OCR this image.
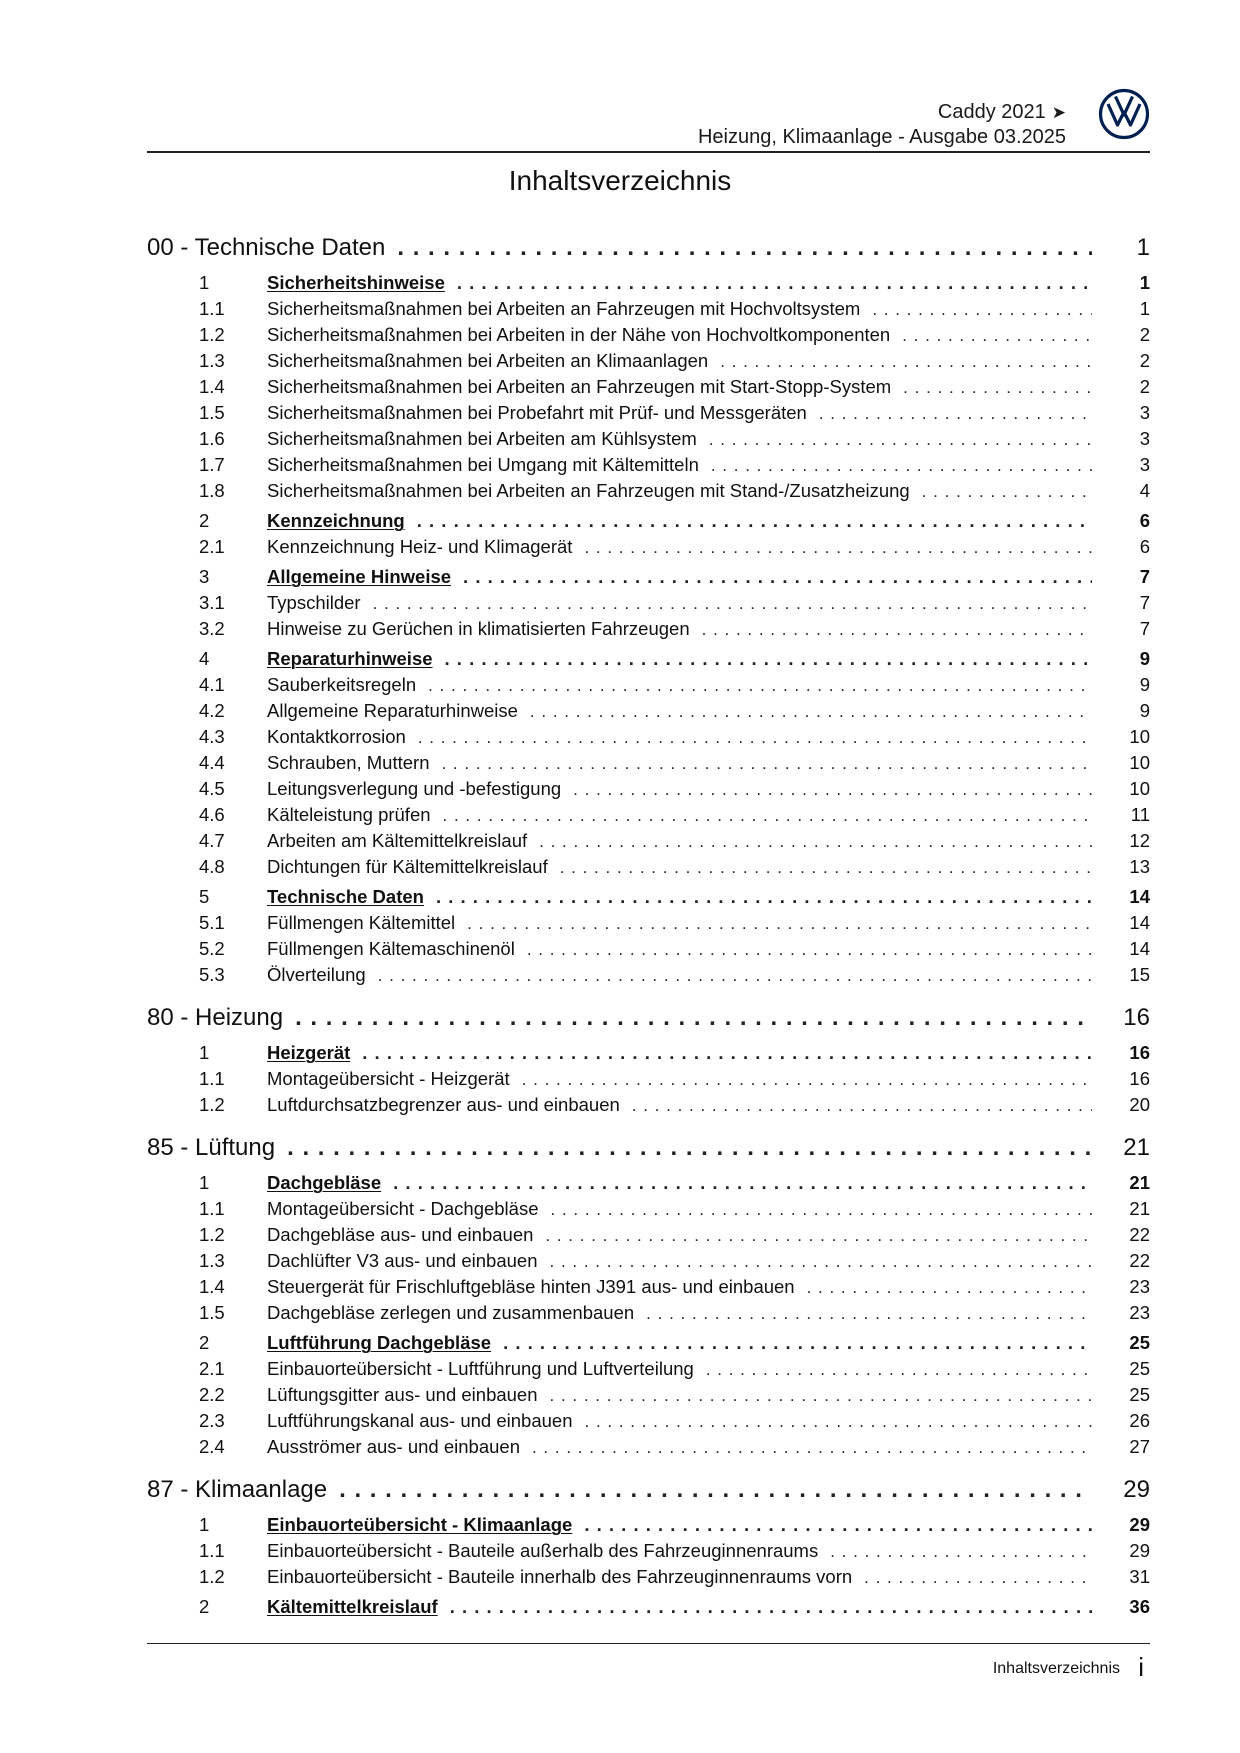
Caddy 2021 ➤
Heizung, Klimaanlage - Ausgabe 03.2025
Inhaltsverzeichnis
00 - Technische Daten . . .	1
1	Sicherheitshinweise . . .	1
1.1	Sicherheitsmaßnahmen bei Arbeiten an Fahrzeugen mit Hochvoltsystem . . .	1
1.2	Sicherheitsmaßnahmen bei Arbeiten in der Nähe von Hochvoltkomponenten . . .	2
1.3	Sicherheitsmaßnahmen bei Arbeiten an Klimaanlagen . . .	2
1.4	Sicherheitsmaßnahmen bei Arbeiten an Fahrzeugen mit Start-Stopp-System . . .	2
1.5	Sicherheitsmaßnahmen bei Probefahrt mit Prüf- und Messgeräten . . .	3
1.6	Sicherheitsmaßnahmen bei Arbeiten am Kühlsystem . . .	3
1.7	Sicherheitsmaßnahmen bei Umgang mit Kältemitteln . . .	3
1.8	Sicherheitsmaßnahmen bei Arbeiten an Fahrzeugen mit Stand-/Zusatzheizung . . .	4
2	Kennzeichnung . . .	6
2.1	Kennzeichnung Heiz- und Klimagerät . . .	6
3	Allgemeine Hinweise . . .	7
3.1	Typschilder . . .	7
3.2	Hinweise zu Gerüchen in klimatisierten Fahrzeugen . . .	7
4	Reparaturhinweise . . .	9
4.1	Sauberkeitsregeln . . .	9
4.2	Allgemeine Reparaturhinweise . . .	9
4.3	Kontaktkorrosion . . .	10
4.4	Schrauben, Muttern . . .	10
4.5	Leitungsverlegung und -befestigung . . .	10
4.6	Kälteleistung prüfen . . .	11
4.7	Arbeiten am Kältemittelkreislauf . . .	12
4.8	Dichtungen für Kältemittelkreislauf . . .	13
5	Technische Daten . . .	14
5.1	Füllmengen Kältemittel . . .	14
5.2	Füllmengen Kältemaschinenöl . . .	14
5.3	Ölverteilung . . .	15
80 - Heizung . . .	16
1	Heizgerät . . .	16
1.1	Montageübersicht - Heizgerät . . .	16
1.2	Luftdurchsatzbegrenzer aus- und einbauen . . .	20
85 - Lüftung . . .	21
1	Dachgebläse . . .	21
1.1	Montageübersicht - Dachgebläse . . .	21
1.2	Dachgebläse aus- und einbauen . . .	22
1.3	Dachlüfter V3 aus- und einbauen . . .	22
1.4	Steuergerät für Frischluftgebläse hinten J391 aus- und einbauen . . .	23
1.5	Dachgebläse zerlegen und zusammenbauen . . .	23
2	Luftführung Dachgebläse . . .	25
2.1	Einbauorteübersicht - Luftführung und Luftverteilung . . .	25
2.2	Lüftungsgitter aus- und einbauen . . .	25
2.3	Luftführungskanal aus- und einbauen . . .	26
2.4	Ausströmer aus- und einbauen . . .	27
87 - Klimaanlage . . .	29
1	Einbauorteübersicht - Klimaanlage . . .	29
1.1	Einbauorteübersicht - Bauteile außerhalb des Fahrzeuginnenraums . . .	29
1.2	Einbauorteübersicht - Bauteile innerhalb des Fahrzeuginnenraums vorn . . .	31
2	Kältemittelkreislauf . . .	36
Inhaltsverzeichnis i
